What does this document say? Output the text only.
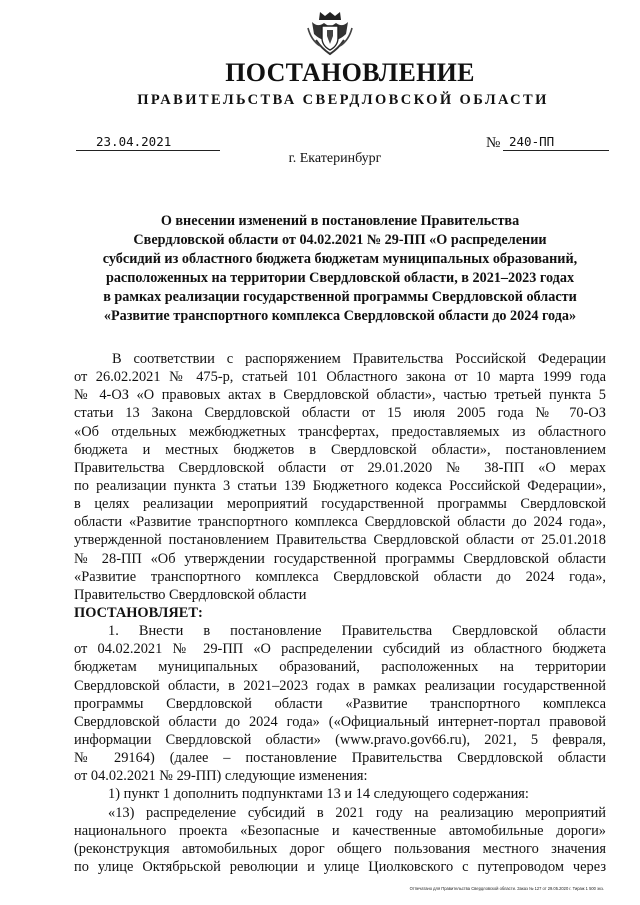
ПОСТАНОВЛЕНИЕ
ПРАВИТЕЛЬСТВА СВЕРДЛОВСКОЙ ОБЛАСТИ
23.04.2021	№ 240-ПП
г. Екатеринбург
О внесении изменений в постановление Правительства
Свердловской области от 04.02.2021 № 29-ПП «О распределении
субсидий из областного бюджета бюджетам муниципальных образований,
расположенных на территории Свердловской области, в 2021–2023 годах
в рамках реализации государственной программы Свердловской области
«Развитие транспортного комплекса Свердловской области до 2024 года»
В соответствии с распоряжением Правительства Российской Федерации
от 26.02.2021 № 475-р, статьей 101 Областного закона от 10 марта 1999 года
№ 4-ОЗ «О правовых актах в Свердловской области», частью третьей пункта 5
статьи 13 Закона Свердловской области от 15 июля 2005 года № 70-ОЗ
«Об отдельных межбюджетных трансфертах, предоставляемых из областного
бюджета и местных бюджетов в Свердловской области», постановлением
Правительства Свердловской области от 29.01.2020 № 38-ПП «О мерах
по реализации пункта 3 статьи 139 Бюджетного кодекса Российской Федерации»,
в целях реализации мероприятий государственной программы Свердловской
области «Развитие транспортного комплекса Свердловской области до 2024 года»,
утвержденной постановлением Правительства Свердловской области от 25.01.2018
№ 28-ПП «Об утверждении государственной программы Свердловской области
«Развитие транспортного комплекса Свердловской области до 2024 года»,
Правительство Свердловской области
ПОСТАНОВЛЯЕТ:
1. Внести в постановление Правительства Свердловской области
от 04.02.2021 № 29-ПП «О распределении субсидий из областного бюджета
бюджетам муниципальных образований, расположенных на территории
Свердловской области, в 2021–2023 годах в рамках реализации государственной
программы Свердловской области «Развитие транспортного комплекса
Свердловской области до 2024 года» («Официальный интернет-портал правовой
информации Свердловской области» (www.pravo.gov66.ru), 2021, 5 февраля,
№ 29164) (далее – постановление Правительства Свердловской области
от 04.02.2021 № 29-ПП) следующие изменения:
1) пункт 1 дополнить подпунктами 13 и 14 следующего содержания:
«13) распределение субсидий в 2021 году на реализацию мероприятий
национального проекта «Безопасные и качественные автомобильные дороги»
(реконструкция автомобильных дорог общего пользования местного значения
по улице Октябрьской революции и улице Циолковского с путепроводом через
Отпечатано для Правительства Свердловской области. Заказ № 127 от 29.05.2020 г. Тираж 1 500 экз.
